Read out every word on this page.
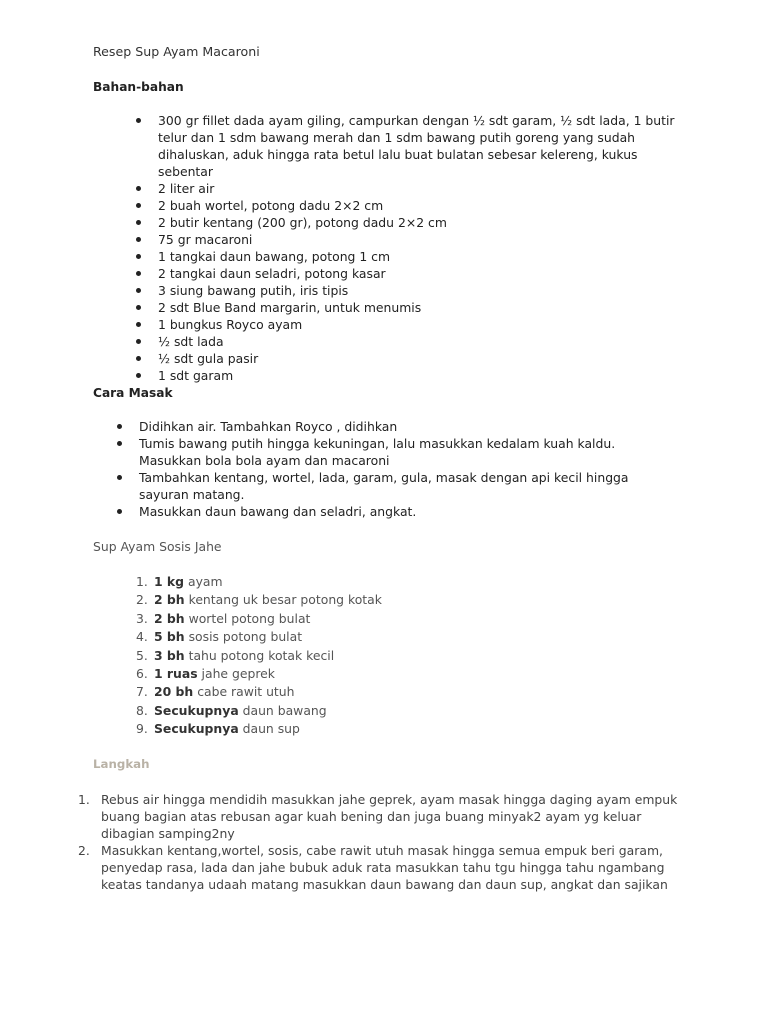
Resep Sup Ayam Macaroni
Bahan-bahan
300 gr fillet dada ayam giling, campurkan dengan ½ sdt garam, ½ sdt lada, 1 butir telur dan 1 sdm bawang merah dan 1 sdm bawang putih goreng yang sudah dihaluskan, aduk hingga rata betul lalu buat bulatan sebesar kelereng, kukus sebentar
2 liter air
2 buah wortel, potong dadu 2×2 cm
2 butir kentang (200 gr), potong dadu 2×2 cm
75 gr macaroni
1 tangkai daun bawang, potong 1 cm
2 tangkai daun seladri, potong kasar
3 siung bawang putih, iris tipis
2 sdt Blue Band margarin, untuk menumis
1 bungkus Royco ayam
½ sdt lada
½ sdt gula pasir
1 sdt garam
Cara Masak
Didihkan air. Tambahkan Royco , didihkan
Tumis bawang putih hingga kekuningan, lalu masukkan kedalam kuah kaldu. Masukkan bola bola ayam dan macaroni
Tambahkan kentang, wortel, lada, garam, gula, masak dengan api kecil hingga sayuran matang.
Masukkan daun bawang dan seladri, angkat.
Sup Ayam Sosis Jahe
1. 1 kg ayam
2. 2 bh kentang uk besar potong kotak
3. 2 bh wortel potong bulat
4. 5 bh sosis potong bulat
5. 3 bh tahu potong kotak kecil
6. 1 ruas jahe geprek
7. 20 bh cabe rawit utuh
8. Secukupnya daun bawang
9. Secukupnya daun sup
Langkah
1. Rebus air hingga mendidih masukkan jahe geprek, ayam masak hingga daging ayam empuk buang bagian atas rebusan agar kuah bening dan juga buang minyak2 ayam yg keluar dibagian samping2ny
2. Masukkan kentang,wortel, sosis, cabe rawit utuh masak hingga semua empuk beri garam, penyedap rasa, lada dan jahe bubuk aduk rata masukkan tahu tgu hingga tahu ngambang keatas tandanya udaah matang masukkan daun bawang dan daun sup, angkat dan sajikan
